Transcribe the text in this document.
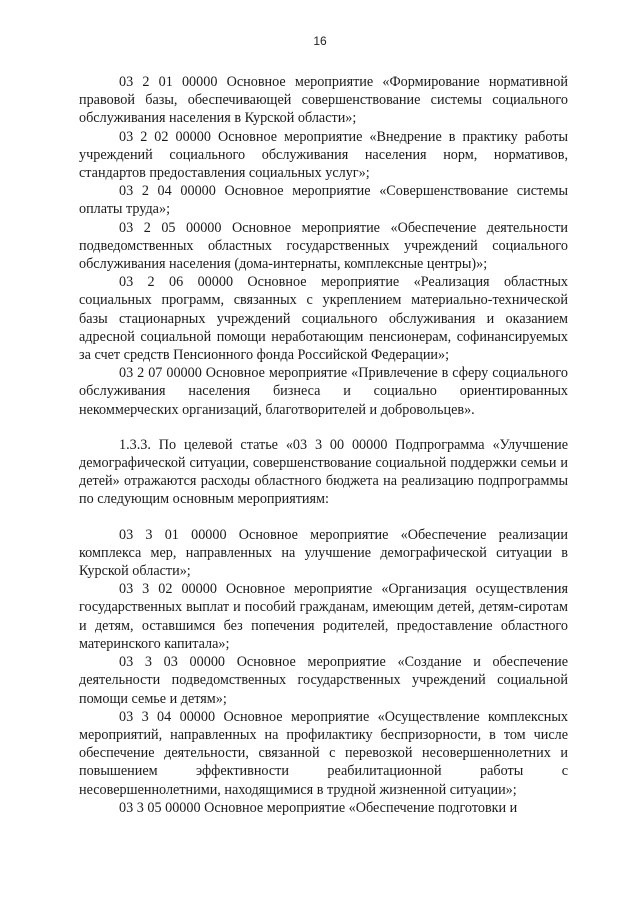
16

03 2 01 00000 Основное мероприятие «Формирование нормативной правовой базы, обеспечивающей совершенствование системы социального обслуживания населения в Курской области»;

03 2 02 00000 Основное мероприятие «Внедрение в практику работы учреждений социального обслуживания населения норм, нормативов, стандартов предоставления социальных услуг»;

03 2 04 00000 Основное мероприятие «Совершенствование системы оплаты труда»;

03 2 05 00000 Основное мероприятие «Обеспечение деятельности подведомственных областных государственных учреждений социального обслуживания населения (дома-интернаты, комплексные центры)»;

03 2 06 00000 Основное мероприятие «Реализация областных социальных программ, связанных с укреплением материально-технической базы стационарных учреждений социального обслуживания и оказанием адресной социальной помощи неработающим пенсионерам, софинансируемых за счет средств Пенсионного фонда Российской Федерации»;

03 2 07 00000 Основное мероприятие «Привлечение в сферу социального обслуживания населения бизнеса и социально ориентированных некоммерческих организаций, благотворителей и добровольцев».

1.3.3. По целевой статье «03 3 00 00000 Подпрограмма «Улучшение демографической ситуации, совершенствование социальной поддержки семьи и детей» отражаются расходы областного бюджета на реализацию подпрограммы по следующим основным мероприятиям:

03 3 01 00000 Основное мероприятие «Обеспечение реализации комплекса мер, направленных на улучшение демографической ситуации в Курской области»;

03 3 02 00000 Основное мероприятие «Организация осуществления государственных выплат и пособий гражданам, имеющим детей, детям-сиротам и детям, оставшимся без попечения родителей, предоставление областного материнского капитала»;

03 3 03 00000 Основное мероприятие «Создание и обеспечение деятельности подведомственных государственных учреждений социальной помощи семье и детям»;

03 3 04 00000 Основное мероприятие «Осуществление комплексных мероприятий, направленных на профилактику беспризорности, в том числе обеспечение деятельности, связанной с перевозкой несовершеннолетних и повышением эффективности реабилитационной работы с несовершеннолетними, находящимися в трудной жизненной ситуации»;

03 3 05 00000 Основное мероприятие «Обеспечение подготовки и
